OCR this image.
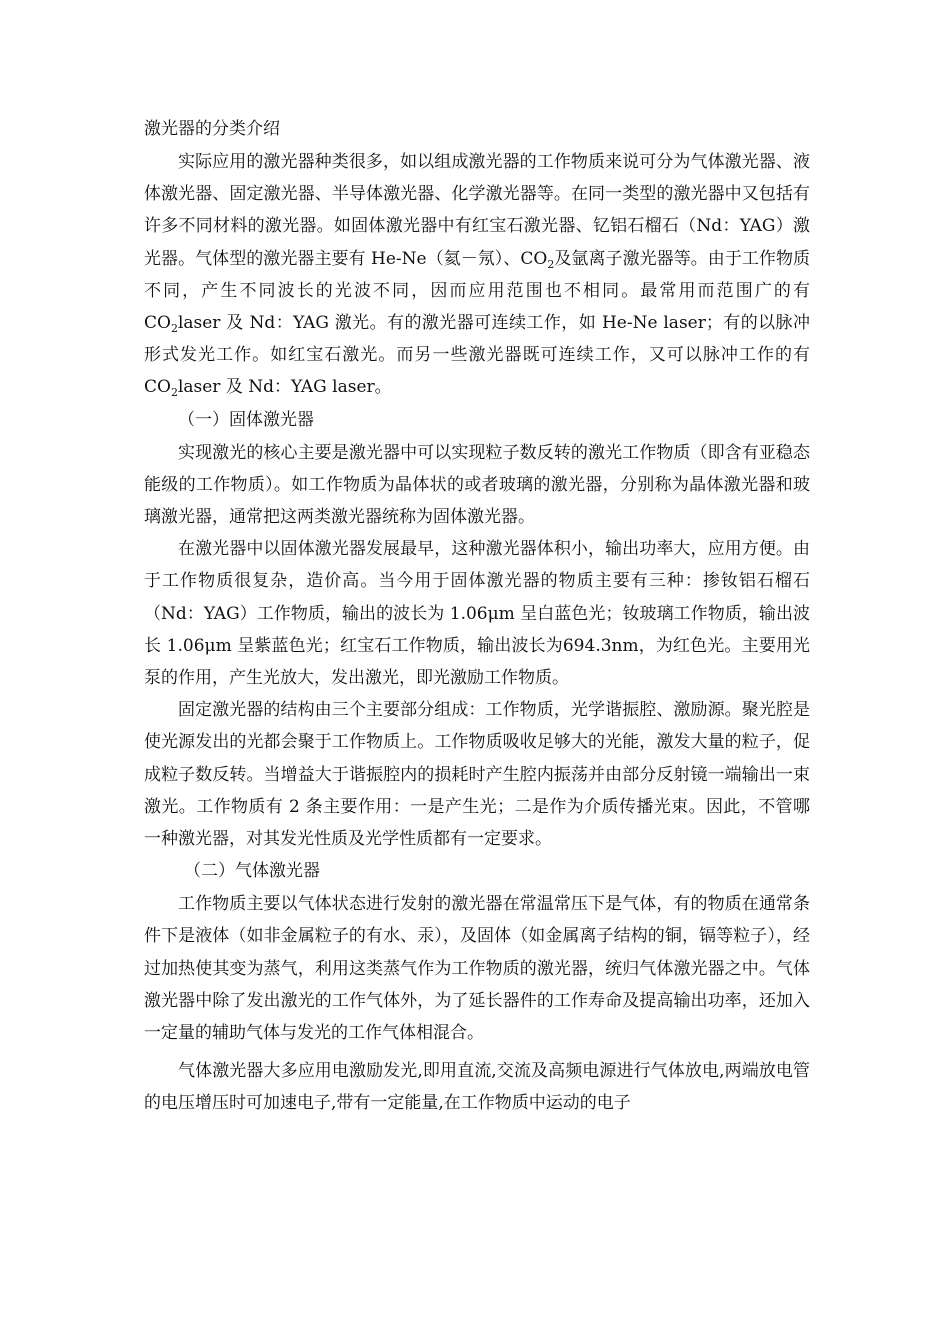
激光器的分类介绍

实际应用的激光器种类很多，如以组成激光器的工作物质来说可分为气体激光器、液体激光器、固定激光器、半导体激光器、化学激光器等。在同一类型的激光器中又包括有许多不同材料的激光器。如固体激光器中有红宝石激光器、钇铝石榴石（Nd：YAG）激光器。气体型的激光器主要有 He-Ne（氦－氖）、$CO_2$及氩离子激光器等。由于工作物质不同，产生不同波长的光波不同，因而应用范围也不相同。最常用而范围广的有 $CO_2laser$ 及 Nd：YAG 激光。有的激光器可连续工作，如 He-Ne laser；有的以脉冲形式发光工作。如红宝石激光。而另一些激光器既可连续工作，又可以脉冲工作的有 $CO_2laser$ 及 Nd：YAG laser。

（一）固体激光器

实现激光的核心主要是激光器中可以实现粒子数反转的激光工作物质（即含有亚稳态能级的工作物质）。如工作物质为晶体状的或者玻璃的激光器，分别称为晶体激光器和玻璃激光器，通常把这两类激光器统称为固体激光器。

在激光器中以固体激光器发展最早，这种激光器体积小，输出功率大，应用方便。由于工作物质很复杂，造价高。当今用于固体激光器的物质主要有三种：掺钕铝石榴石（Nd：YAG）工作物质，输出的波长为 1.06μm 呈白蓝色光；钕玻璃工作物质，输出波长 1.06μm 呈紫蓝色光；红宝石工作物质，输出波长为694.3nm，为红色光。主要用光泵的作用，产生光放大，发出激光，即光激励工作物质。

固定激光器的结构由三个主要部分组成：工作物质，光学谐振腔、激励源。聚光腔是使光源发出的光都会聚于工作物质上。工作物质吸收足够大的光能，激发大量的粒子，促成粒子数反转。当增益大于谐振腔内的损耗时产生腔内振荡并由部分反射镜一端输出一束激光。工作物质有 2 条主要作用：一是产生光；二是作为介质传播光束。因此，不管哪一种激光器，对其发光性质及光学性质都有一定要求。

（二）气体激光器

工作物质主要以气体状态进行发射的激光器在常温常压下是气体，有的物质在通常条件下是液体（如非金属粒子的有水、汞），及固体（如金属离子结构的铜，镉等粒子），经过加热使其变为蒸气，利用这类蒸气作为工作物质的激光器，统归气体激光器之中。气体激光器中除了发出激光的工作气体外，为了延长器件的工作寿命及提高输出功率，还加入一定量的辅助气体与发光的工作气体相混合。

气体激光器大多应用电激励发光,即用直流,交流及高频电源进行气体放电,两端放电管的电压增压时可加速电子,带有一定能量,在工作物质中运动的电子
